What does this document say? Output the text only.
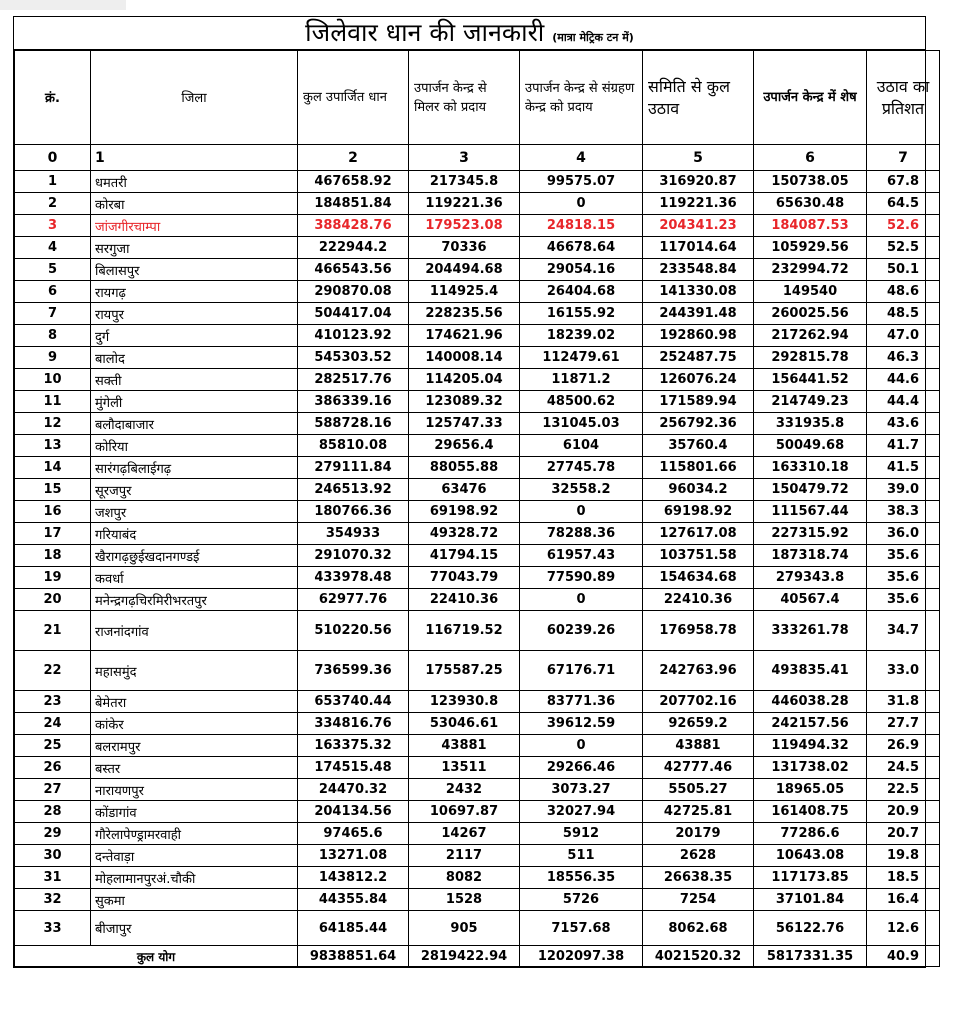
जिलेवार धान की जानकारी (मात्रा मेट्रिक टन में)
क्रं.	जिला	कुल उपार्जित धान	उपार्जन केन्द्र से मिलर को प्रदाय	उपार्जन केन्द्र से संग्रहण केन्द्र को प्रदाय	समिति से कुल उठाव	उपार्जन केन्द्र में शेष	उठाव का प्रतिशत

0	1	2	3	4	5	6	7
1	धमतरी	467658.92	217345.8	99575.07	316920.87	150738.05	67.8
2	कोरबा	184851.84	119221.36	0	119221.36	65630.48	64.5
3	जांजगीरचाम्पा	388428.76	179523.08	24818.15	204341.23	184087.53	52.6
4	सरगुजा	222944.2	70336	46678.64	117014.64	105929.56	52.5
5	बिलासपुर	466543.56	204494.68	29054.16	233548.84	232994.72	50.1
6	रायगढ़	290870.08	114925.4	26404.68	141330.08	149540	48.6
7	रायपुर	504417.04	228235.56	16155.92	244391.48	260025.56	48.5
8	दुर्ग	410123.92	174621.96	18239.02	192860.98	217262.94	47.0
9	बालोद	545303.52	140008.14	112479.61	252487.75	292815.78	46.3
10	सक्ती	282517.76	114205.04	11871.2	126076.24	156441.52	44.6
11	मुंगेली	386339.16	123089.32	48500.62	171589.94	214749.23	44.4
12	बलौदाबाजार	588728.16	125747.33	131045.03	256792.36	331935.8	43.6
13	कोरिया	85810.08	29656.4	6104	35760.4	50049.68	41.7
14	सारंगढ़बिलाईगढ़	279111.84	88055.88	27745.78	115801.66	163310.18	41.5
15	सूरजपुर	246513.92	63476	32558.2	96034.2	150479.72	39.0
16	जशपुर	180766.36	69198.92	0	69198.92	111567.44	38.3
17	गरियाबंद	354933	49328.72	78288.36	127617.08	227315.92	36.0
18	खैरागढ़छुईखदानगण्डई	291070.32	41794.15	61957.43	103751.58	187318.74	35.6
19	कवर्धा	433978.48	77043.79	77590.89	154634.68	279343.8	35.6
20	मनेन्द्रगढ़चिरमिरीभरतपुर	62977.76	22410.36	0	22410.36	40567.4	35.6
21	राजनांदगांव	510220.56	116719.52	60239.26	176958.78	333261.78	34.7
22	महासमुंद	736599.36	175587.25	67176.71	242763.96	493835.41	33.0
23	बेमेतरा	653740.44	123930.8	83771.36	207702.16	446038.28	31.8
24	कांकेर	334816.76	53046.61	39612.59	92659.2	242157.56	27.7
25	बलरामपुर	163375.32	43881	0	43881	119494.32	26.9
26	बस्तर	174515.48	13511	29266.46	42777.46	131738.02	24.5
27	नारायणपुर	24470.32	2432	3073.27	5505.27	18965.05	22.5
28	कोंडागांव	204134.56	10697.87	32027.94	42725.81	161408.75	20.9
29	गौरेलापेण्ड्रामरवाही	97465.6	14267	5912	20179	77286.6	20.7
30	दन्तेवाड़ा	13271.08	2117	511	2628	10643.08	19.8
31	मोहलामानपुरअं.चौकी	143812.2	8082	18556.35	26638.35	117173.85	18.5
32	सुकमा	44355.84	1528	5726	7254	37101.84	16.4
33	बीजापुर	64185.44	905	7157.68	8062.68	56122.76	12.6
कुल योग		9838851.64	2819422.94	1202097.38	4021520.32	5817331.35	40.9
